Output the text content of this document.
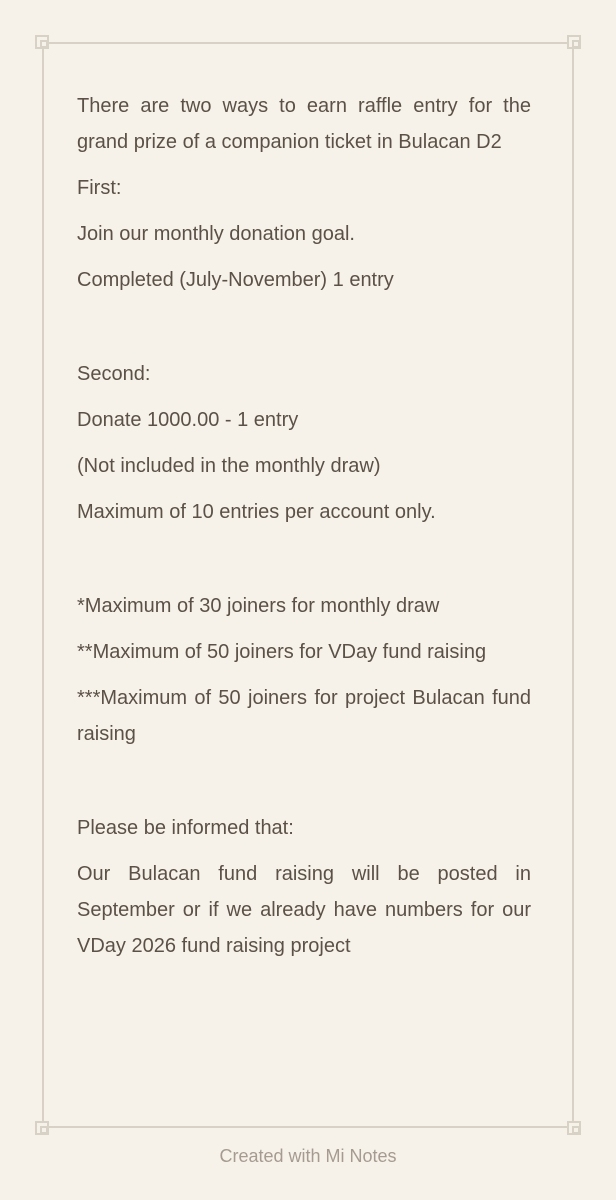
There are two ways to earn raffle entry for the grand prize of a companion ticket in Bulacan D2

First:

Join our monthly donation goal.

Completed (July-November) 1 entry

Second:

Donate 1000.00 - 1 entry

(Not included in the monthly draw)

Maximum of 10 entries per account only.

*Maximum of 30 joiners for monthly draw

**Maximum of 50 joiners for VDay fund raising

***Maximum of 50 joiners for project Bulacan fund raising

Please be informed that:

Our Bulacan fund raising will be posted in September or if we already have numbers for our VDay 2026 fund raising project

Created with Mi Notes
